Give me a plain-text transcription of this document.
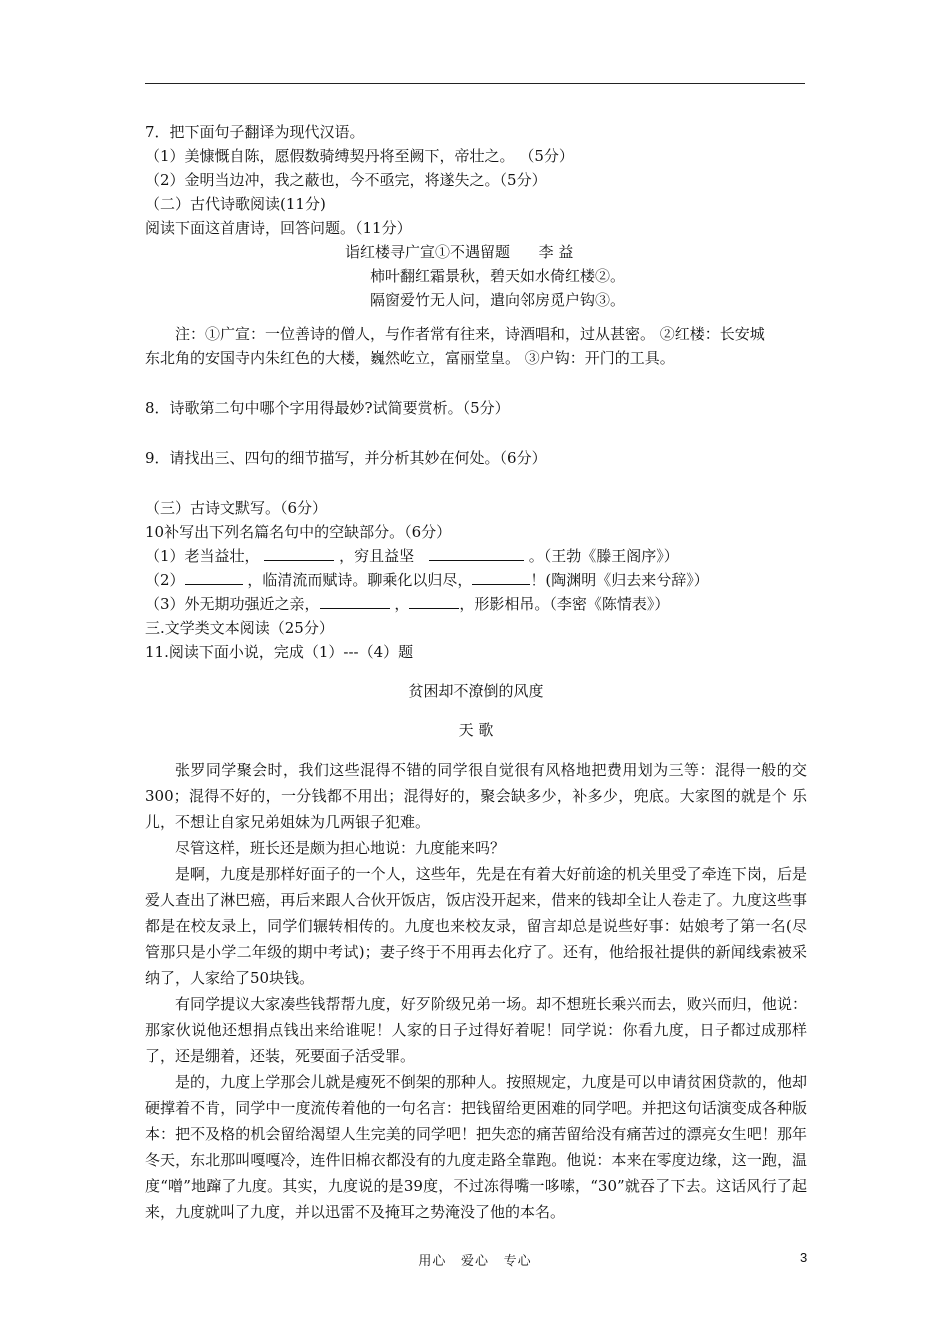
7．把下面句子翻译为现代汉语。

（1）美慷慨自陈，愿假数骑缚契丹将至阙下，帝壮之。 （5分）

（2）金明当边冲，我之蔽也，今不亟完，将遂失之。（5分）

（二）古代诗歌阅读(11分)

阅读下面这首唐诗，回答问题。（11分）

诣红楼寻广宣①不遇留题 李 益

柿叶翻红霜景秋，碧天如水倚红楼②。

隔窗爱竹无人问，遣向邻房觅户钩③。

注：①广宣：一位善诗的僧人，与作者常有往来，诗酒唱和，过从甚密。 ②红楼：长安城

东北角的安国寺内朱红色的大楼，巍然屹立，富丽堂皇。 ③户钩：开门的工具。

8．诗歌第二句中哪个字用得最妙?试简要赏析。（5分）

9．请找出三、四句的细节描写，并分析其妙在何处。（6分）

（三）古诗文默写。（6分）

10补写出下列名篇名句中的空缺部分。（6分）

（1）老当益壮，	，穷且益坚	。（王勃《滕王阁序》）

（2）	，临清流而赋诗。聊乘化以归尽，	！(陶渊明《归去来兮辞》）

（3）外无期功强近之亲，	，	，形影相吊。（李密《陈情表》）

三.文学类文本阅读（25分）

11.阅读下面小说，完成（1）---（4）题

贫困却不潦倒的风度

天 歌

张罗同学聚会时，我们这些混得不错的同学很自觉很有风格地把费用划为三等：混得一般的交300；混得不好的，一分钱都不用出；混得好的，聚会缺多少，补多少，兜底。大家图的就是个 乐儿，不想让自家兄弟姐妹为几两银子犯难。

尽管这样，班长还是颇为担心地说：九度能来吗？

是啊，九度是那样好面子的一个人，这些年，先是在有着大好前途的机关里受了牵连下岗，后是爱人查出了淋巴癌，再后来跟人合伙开饭店，饭店没开起来，借来的钱却全让人卷走了。九度这些事都是在校友录上，同学们辗转相传的。九度也来校友录，留言却总是说些好事：姑娘考了第一名(尽管那只是小学二年级的期中考试)；妻子终于不用再去化疗了。还有，他给报社提供的新闻线索被采纳了，人家给了50块钱。

有同学提议大家凑些钱帮帮九度，好歹阶级兄弟一场。却不想班长乘兴而去，败兴而归，他说：那家伙说他还想捐点钱出来给谁呢！人家的日子过得好着呢！同学说：你看九度，日子都过成那样了，还是绷着，还装，死要面子活受罪。

是的，九度上学那会儿就是瘦死不倒架的那种人。按照规定，九度是可以申请贫困贷款的，他却硬撑着不肯，同学中一度流传着他的一句名言：把钱留给更困难的同学吧。并把这句话演变成各种版本：把不及格的机会留给渴望人生完美的同学吧！把失恋的痛苦留给没有痛苦过的漂亮女生吧！那年冬天，东北那叫嘎嘎冷，连件旧棉衣都没有的九度走路全靠跑。他说：本来在零度边缘，这一跑，温度“噌”地蹿了九度。其实，九度说的是39度，不过冻得嘴一哆嗦，“30”就吞了下去。这话风行了起来，九度就叫了九度，并以迅雷不及掩耳之势淹没了他的本名。

用心 爱心 专心	3
